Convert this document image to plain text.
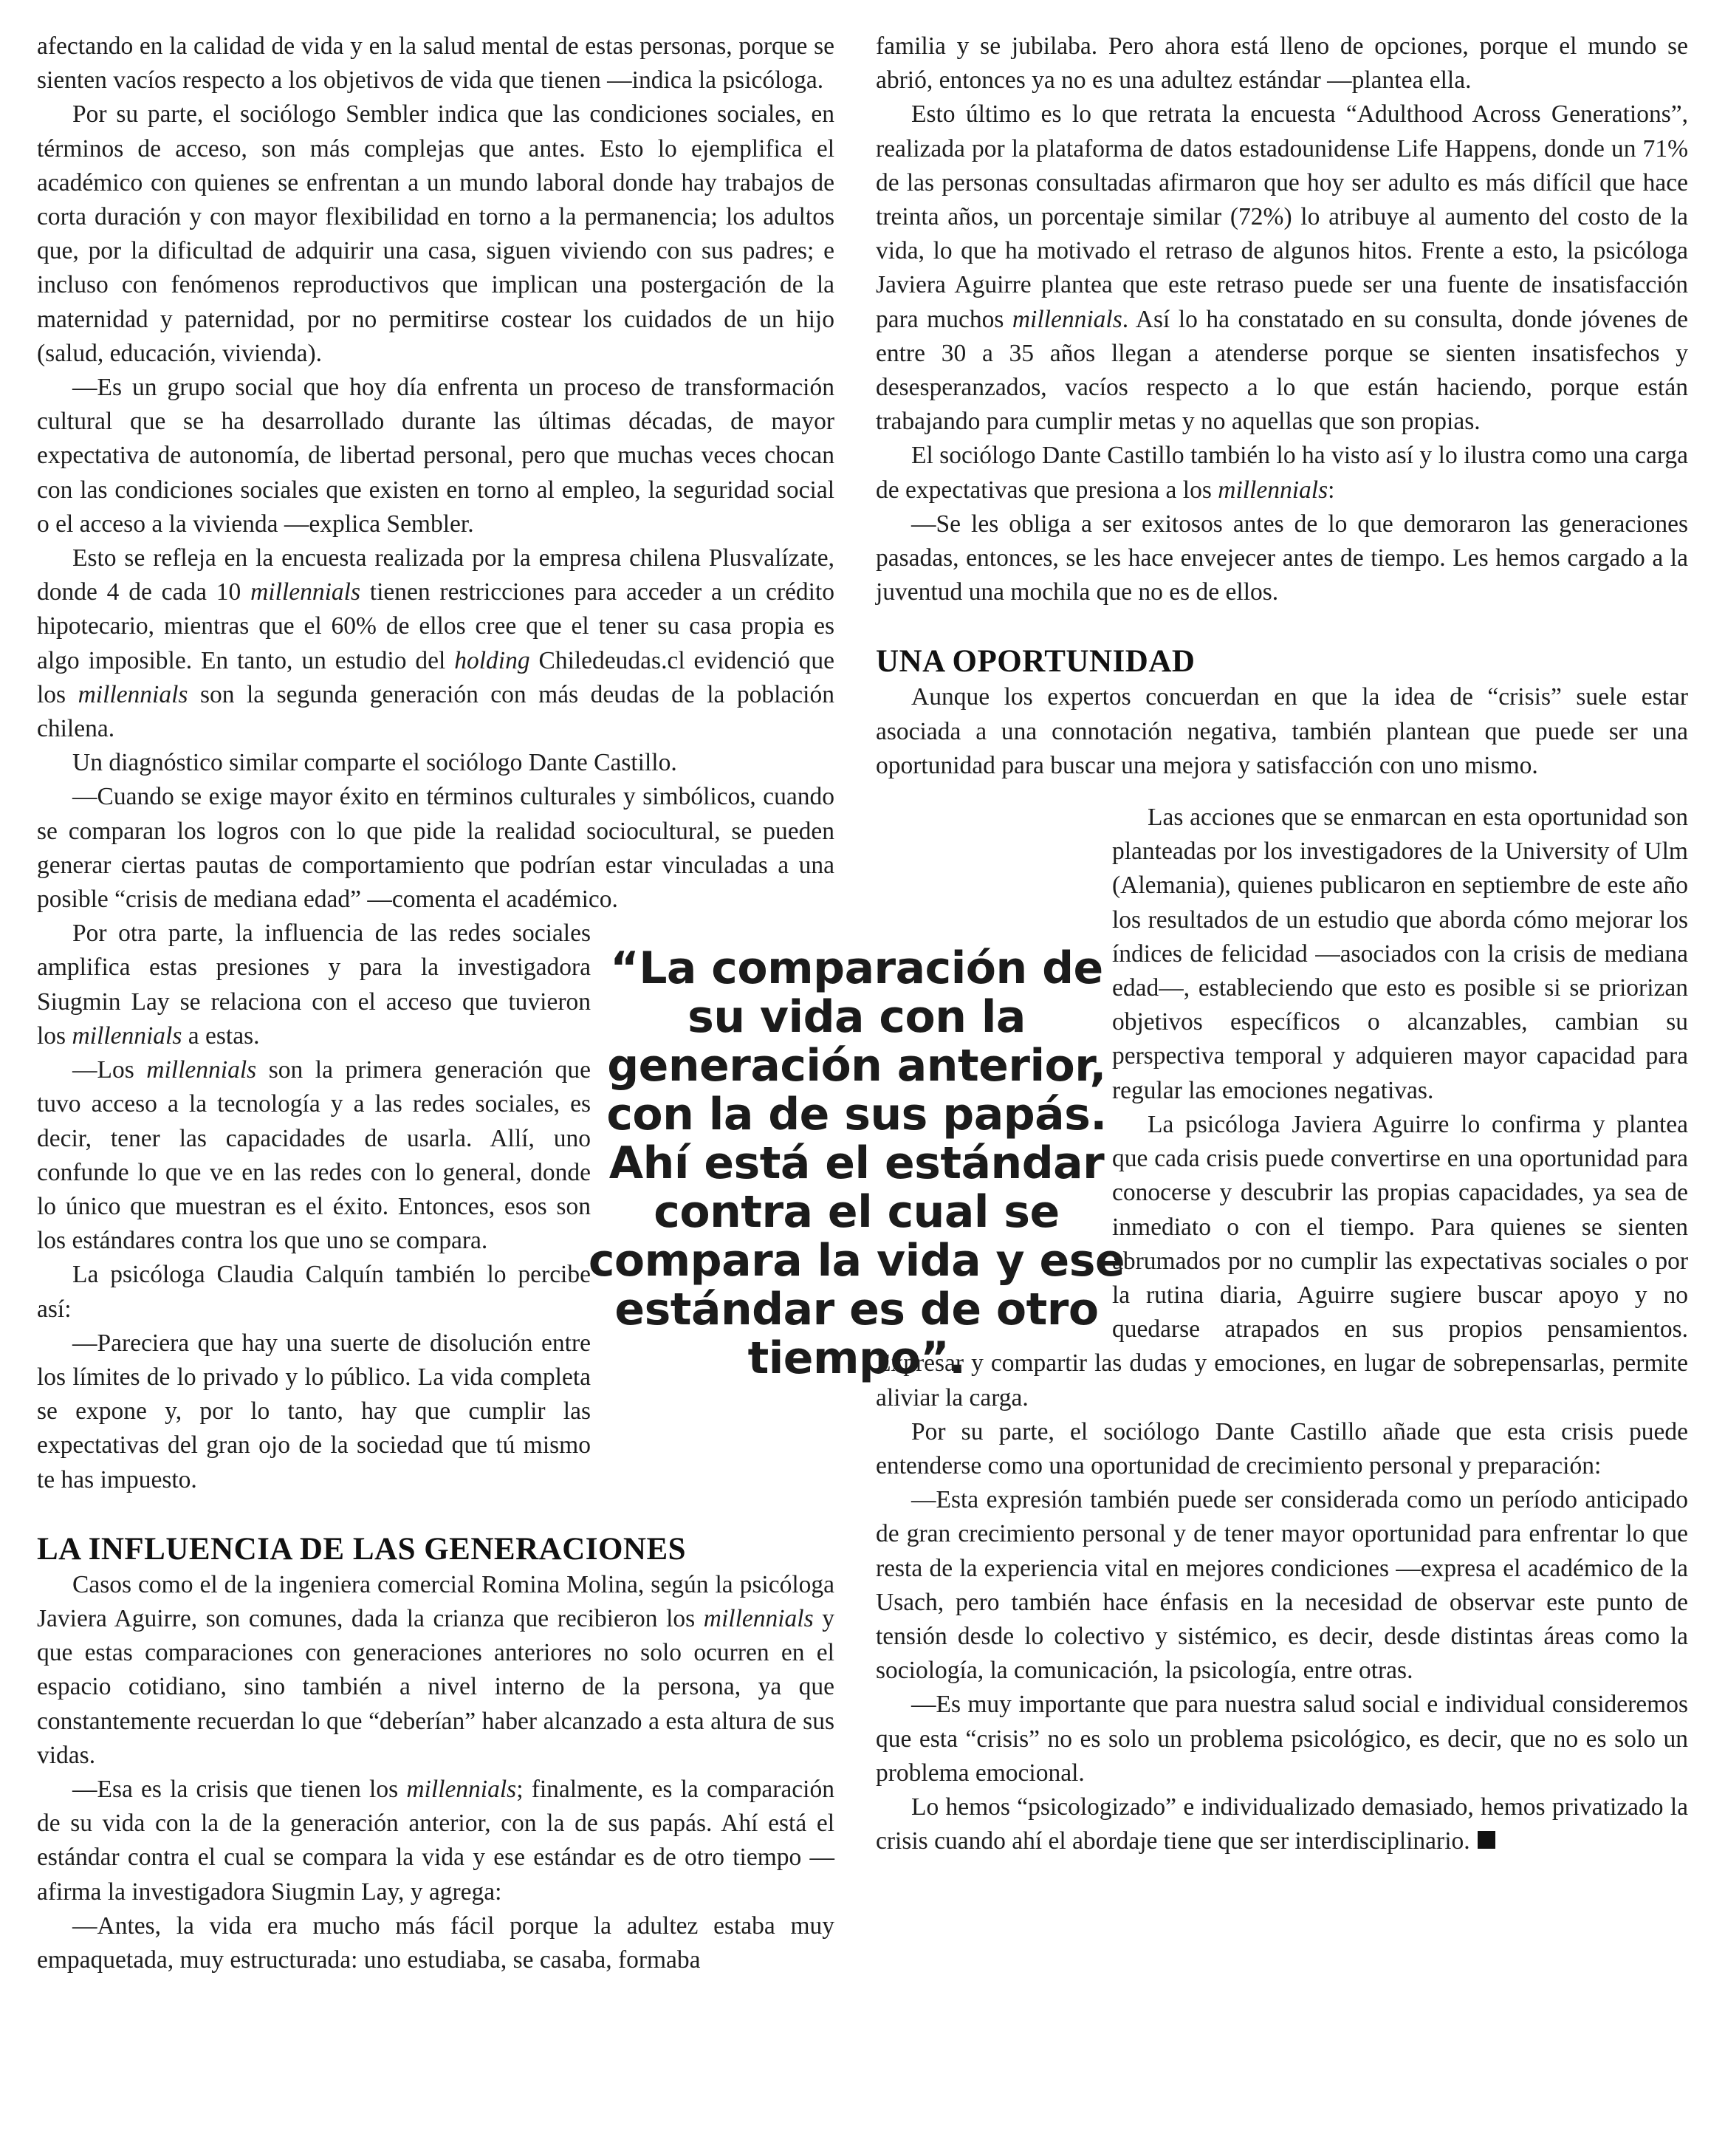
afectando en la calidad de vida y en la salud mental de estas personas, porque se sienten vacíos respecto a los objetivos de vida que tienen —indica la psicóloga.

Por su parte, el sociólogo Sembler indica que las condiciones sociales, en términos de acceso, son más complejas que antes. Esto lo ejemplifica el académico con quienes se enfrentan a un mundo laboral donde hay trabajos de corta duración y con mayor flexibilidad en torno a la permanencia; los adultos que, por la dificultad de adquirir una casa, siguen viviendo con sus padres; e incluso con fenómenos reproductivos que implican una postergación de la maternidad y paternidad, por no permitirse costear los cuidados de un hijo (salud, educación, vivienda).

—Es un grupo social que hoy día enfrenta un proceso de transformación cultural que se ha desarrollado durante las últimas décadas, de mayor expectativa de autonomía, de libertad personal, pero que muchas veces chocan con las condiciones sociales que existen en torno al empleo, la seguridad social o el acceso a la vivienda —explica Sembler.

Esto se refleja en la encuesta realizada por la empresa chilena Plusvalízate, donde 4 de cada 10 millennials tienen restricciones para acceder a un crédito hipotecario, mientras que el 60% de ellos cree que el tener su casa propia es algo imposible. En tanto, un estudio del holding Chiledeudas.cl evidenció que los millennials son la segunda generación con más deudas de la población chilena.

Un diagnóstico similar comparte el sociólogo Dante Castillo.

—Cuando se exige mayor éxito en términos culturales y simbólicos, cuando se comparan los logros con lo que pide la realidad sociocultural, se pueden generar ciertas pautas de comportamiento que podrían estar vinculadas a una posible “crisis de mediana edad” —comenta el académico.

Por otra parte, la influencia de las redes sociales amplifica estas presiones y para la investigadora Siugmin Lay se relaciona con el acceso que tuvieron los millennials a estas.

—Los millennials son la primera generación que tuvo acceso a la tecnología y a las redes sociales, es decir, tener las capacidades de usarla. Allí, uno confunde lo que ve en las redes con lo general, donde lo único que muestran es el éxito. Entonces, esos son los estándares contra los que uno se compara.

La psicóloga Claudia Calquín también lo percibe así:

—Pareciera que hay una suerte de disolución entre los límites de lo privado y lo público. La vida completa se expone y, por lo tanto, hay que cumplir las expectativas del gran ojo de la sociedad que tú mismo te has impuesto.

LA INFLUENCIA DE LAS GENERACIONES

Casos como el de la ingeniera comercial Romina Molina, según la psicóloga Javiera Aguirre, son comunes, dada la crianza que recibieron los millennials y que estas comparaciones con generaciones anteriores no solo ocurren en el espacio cotidiano, sino también a nivel interno de la persona, ya que constantemente recuerdan lo que “deberían” haber alcanzado a esta altura de sus vidas.

—Esa es la crisis que tienen los millennials; finalmente, es la comparación de su vida con la de la generación anterior, con la de sus papás. Ahí está el estándar contra el cual se compara la vida y ese estándar es de otro tiempo —afirma la investigadora Siugmin Lay, y agrega:

—Antes, la vida era mucho más fácil porque la adultez estaba muy empaquetada, muy estructurada: uno estudiaba, se casaba, formaba

familia y se jubilaba. Pero ahora está lleno de opciones, porque el mundo se abrió, entonces ya no es una adultez estándar —plantea ella.

Esto último es lo que retrata la encuesta “Adulthood Across Generations”, realizada por la plataforma de datos estadounidense Life Happens, donde un 71% de las personas consultadas afirmaron que hoy ser adulto es más difícil que hace treinta años, un porcentaje similar (72%) lo atribuye al aumento del costo de la vida, lo que ha motivado el retraso de algunos hitos. Frente a esto, la psicóloga Javiera Aguirre plantea que este retraso puede ser una fuente de insatisfacción para muchos millennials. Así lo ha constatado en su consulta, donde jóvenes de entre 30 a 35 años llegan a atenderse porque se sienten insatisfechos y desesperanzados, vacíos respecto a lo que están haciendo, porque están trabajando para cumplir metas y no aquellas que son propias.

El sociólogo Dante Castillo también lo ha visto así y lo ilustra como una carga de expectativas que presiona a los millennials:

—Se les obliga a ser exitosos antes de lo que demoraron las generaciones pasadas, entonces, se les hace envejecer antes de tiempo. Les hemos cargado a la juventud una mochila que no es de ellos.

UNA OPORTUNIDAD

Aunque los expertos concuerdan en que la idea de “crisis” suele estar asociada a una connotación negativa, también plantean que puede ser una oportunidad para buscar una mejora y satisfacción con uno mismo.

Las acciones que se enmarcan en esta oportunidad son planteadas por los investigadores de la University of Ulm (Alemania), quienes publicaron en septiembre de este año los resultados de un estudio que aborda cómo mejorar los índices de felicidad —asociados con la crisis de mediana edad—, estableciendo que esto es posible si se priorizan objetivos específicos o alcanzables, cambian su perspectiva temporal y adquieren mayor capacidad para regular las emociones negativas.

La psicóloga Javiera Aguirre lo confirma y plantea que cada crisis puede convertirse en una oportunidad para conocerse y descubrir las propias capacidades, ya sea de inmediato o con el tiempo. Para quienes se sienten abrumados por no cumplir las expectativas sociales o por la rutina diaria, Aguirre sugiere buscar apoyo y no quedarse atrapados en sus propios pensamientos. Expresar y compartir las dudas y emociones, en lugar de sobrepensarlas, permite aliviar la carga.

Por su parte, el sociólogo Dante Castillo añade que esta crisis puede entenderse como una oportunidad de crecimiento personal y preparación:

—Esta expresión también puede ser considerada como un período anticipado de gran crecimiento personal y de tener mayor oportunidad para enfrentar lo que resta de la experiencia vital en mejores condiciones —expresa el académico de la Usach, pero también hace énfasis en la necesidad de observar este punto de tensión desde lo colectivo y sistémico, es decir, desde distintas áreas como la sociología, la comunicación, la psicología, entre otras.

—Es muy importante que para nuestra salud social e individual consideremos que esta “crisis” no es solo un problema psicológico, es decir, que no es solo un problema emocional.

Lo hemos “psicologizado” e individualizado demasiado, hemos privatizado la crisis cuando ahí el abordaje tiene que ser interdisciplinario.

“La comparación de su vida con la generación anterior, con la de sus papás. Ahí está el estándar contra el cual se compara la vida y ese estándar es de otro tiempo”.
